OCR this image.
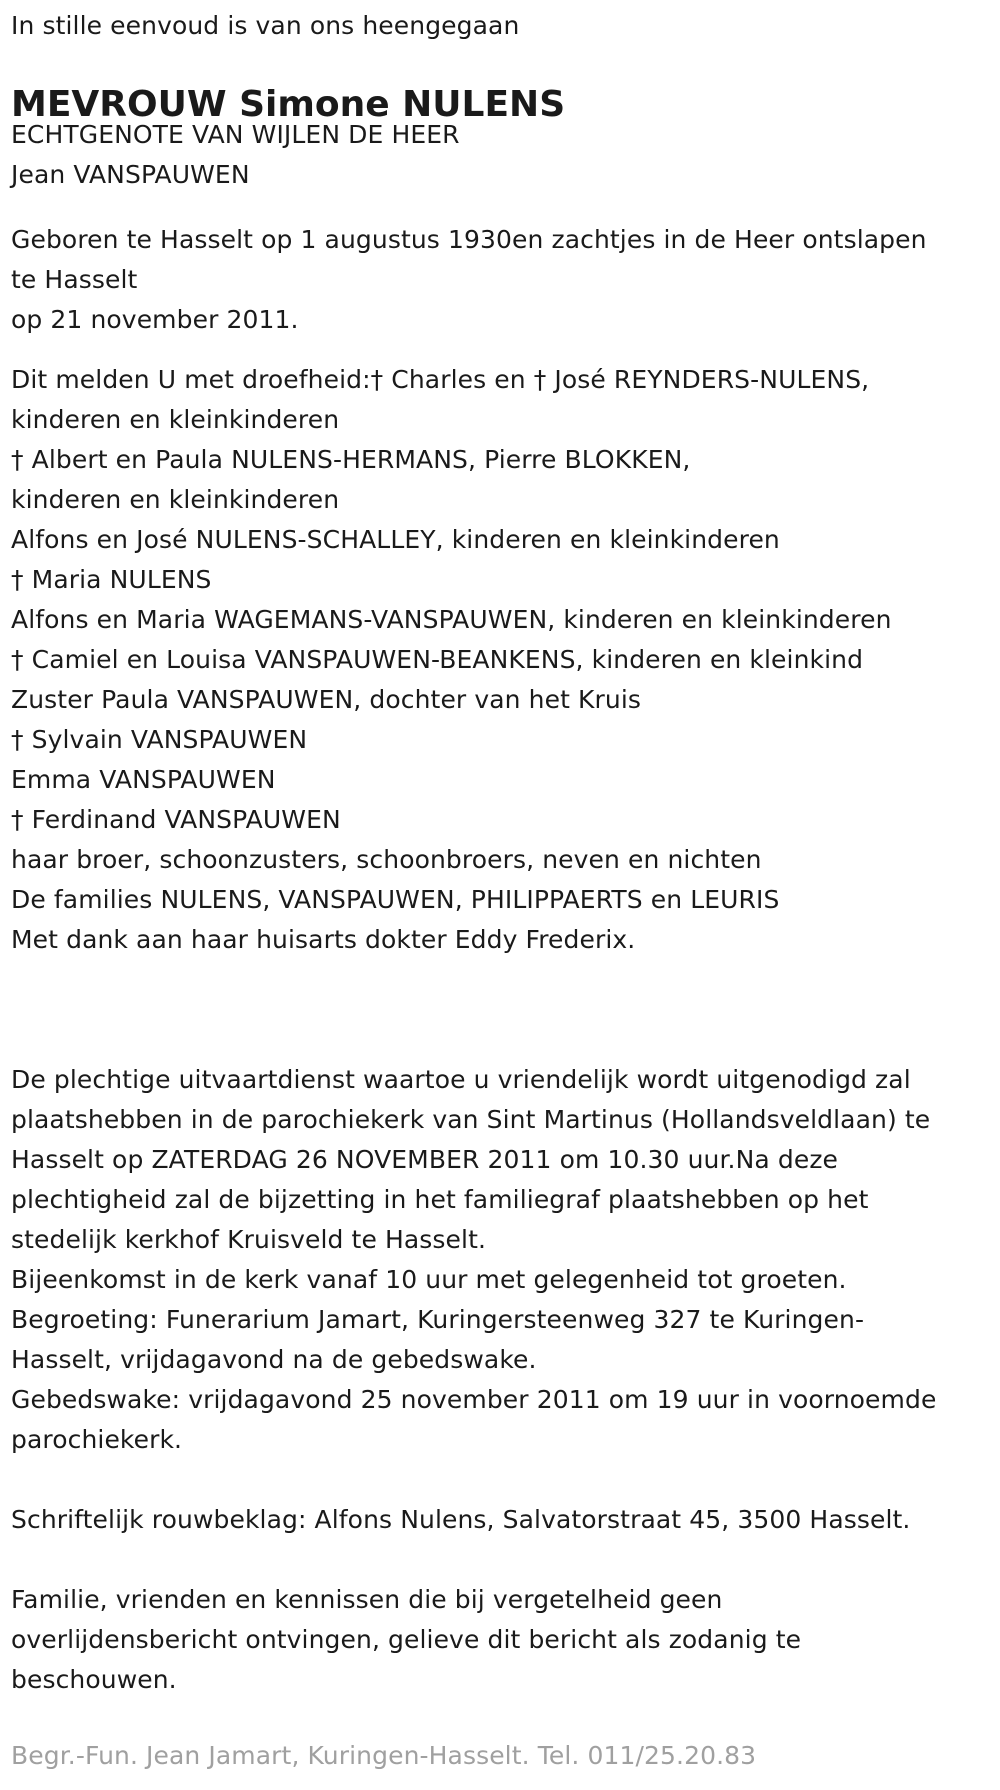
In stille eenvoud is van ons heengegaan
MEVROUW Simone NULENS
ECHTGENOTE VAN WIJLEN DE HEER
Jean VANSPAUWEN
Geboren te Hasselt op 1 augustus 1930en zachtjes in de Heer ontslapen
te Hasselt
op 21 november 2011.
Dit melden U met droefheid:† Charles en † José REYNDERS-NULENS,
kinderen en kleinkinderen
† Albert en Paula NULENS-HERMANS, Pierre BLOKKEN,
kinderen en kleinkinderen
Alfons en José NULENS-SCHALLEY, kinderen en kleinkinderen
† Maria NULENS
Alfons en Maria WAGEMANS-VANSPAUWEN, kinderen en kleinkinderen
† Camiel en Louisa VANSPAUWEN-BEANKENS, kinderen en kleinkind
Zuster Paula VANSPAUWEN, dochter van het Kruis
† Sylvain VANSPAUWEN
Emma VANSPAUWEN
† Ferdinand VANSPAUWEN
haar broer, schoonzusters, schoonbroers, neven en nichten
De families NULENS, VANSPAUWEN, PHILIPPAERTS en LEURIS
Met dank aan haar huisarts dokter Eddy Frederix.
De plechtige uitvaartdienst waartoe u vriendelijk wordt uitgenodigd zal
plaatshebben in de parochiekerk van Sint Martinus (Hollandsveldlaan) te
Hasselt op ZATERDAG 26 NOVEMBER 2011 om 10.30 uur.Na deze
plechtigheid zal de bijzetting in het familiegraf plaatshebben op het
stedelijk kerkhof Kruisveld te Hasselt.
Bijeenkomst in de kerk vanaf 10 uur met gelegenheid tot groeten.
Begroeting: Funerarium Jamart, Kuringersteenweg 327 te Kuringen-
Hasselt, vrijdagavond na de gebedswake.
Gebedswake: vrijdagavond 25 november 2011 om 19 uur in voornoemde
parochiekerk.
Schriftelijk rouwbeklag: Alfons Nulens, Salvatorstraat 45, 3500 Hasselt.
Familie, vrienden en kennissen die bij vergetelheid geen
overlijdensbericht ontvingen, gelieve dit bericht als zodanig te
beschouwen.
Begr.-Fun. Jean Jamart, Kuringen-Hasselt. Tel. 011/25.20.83
